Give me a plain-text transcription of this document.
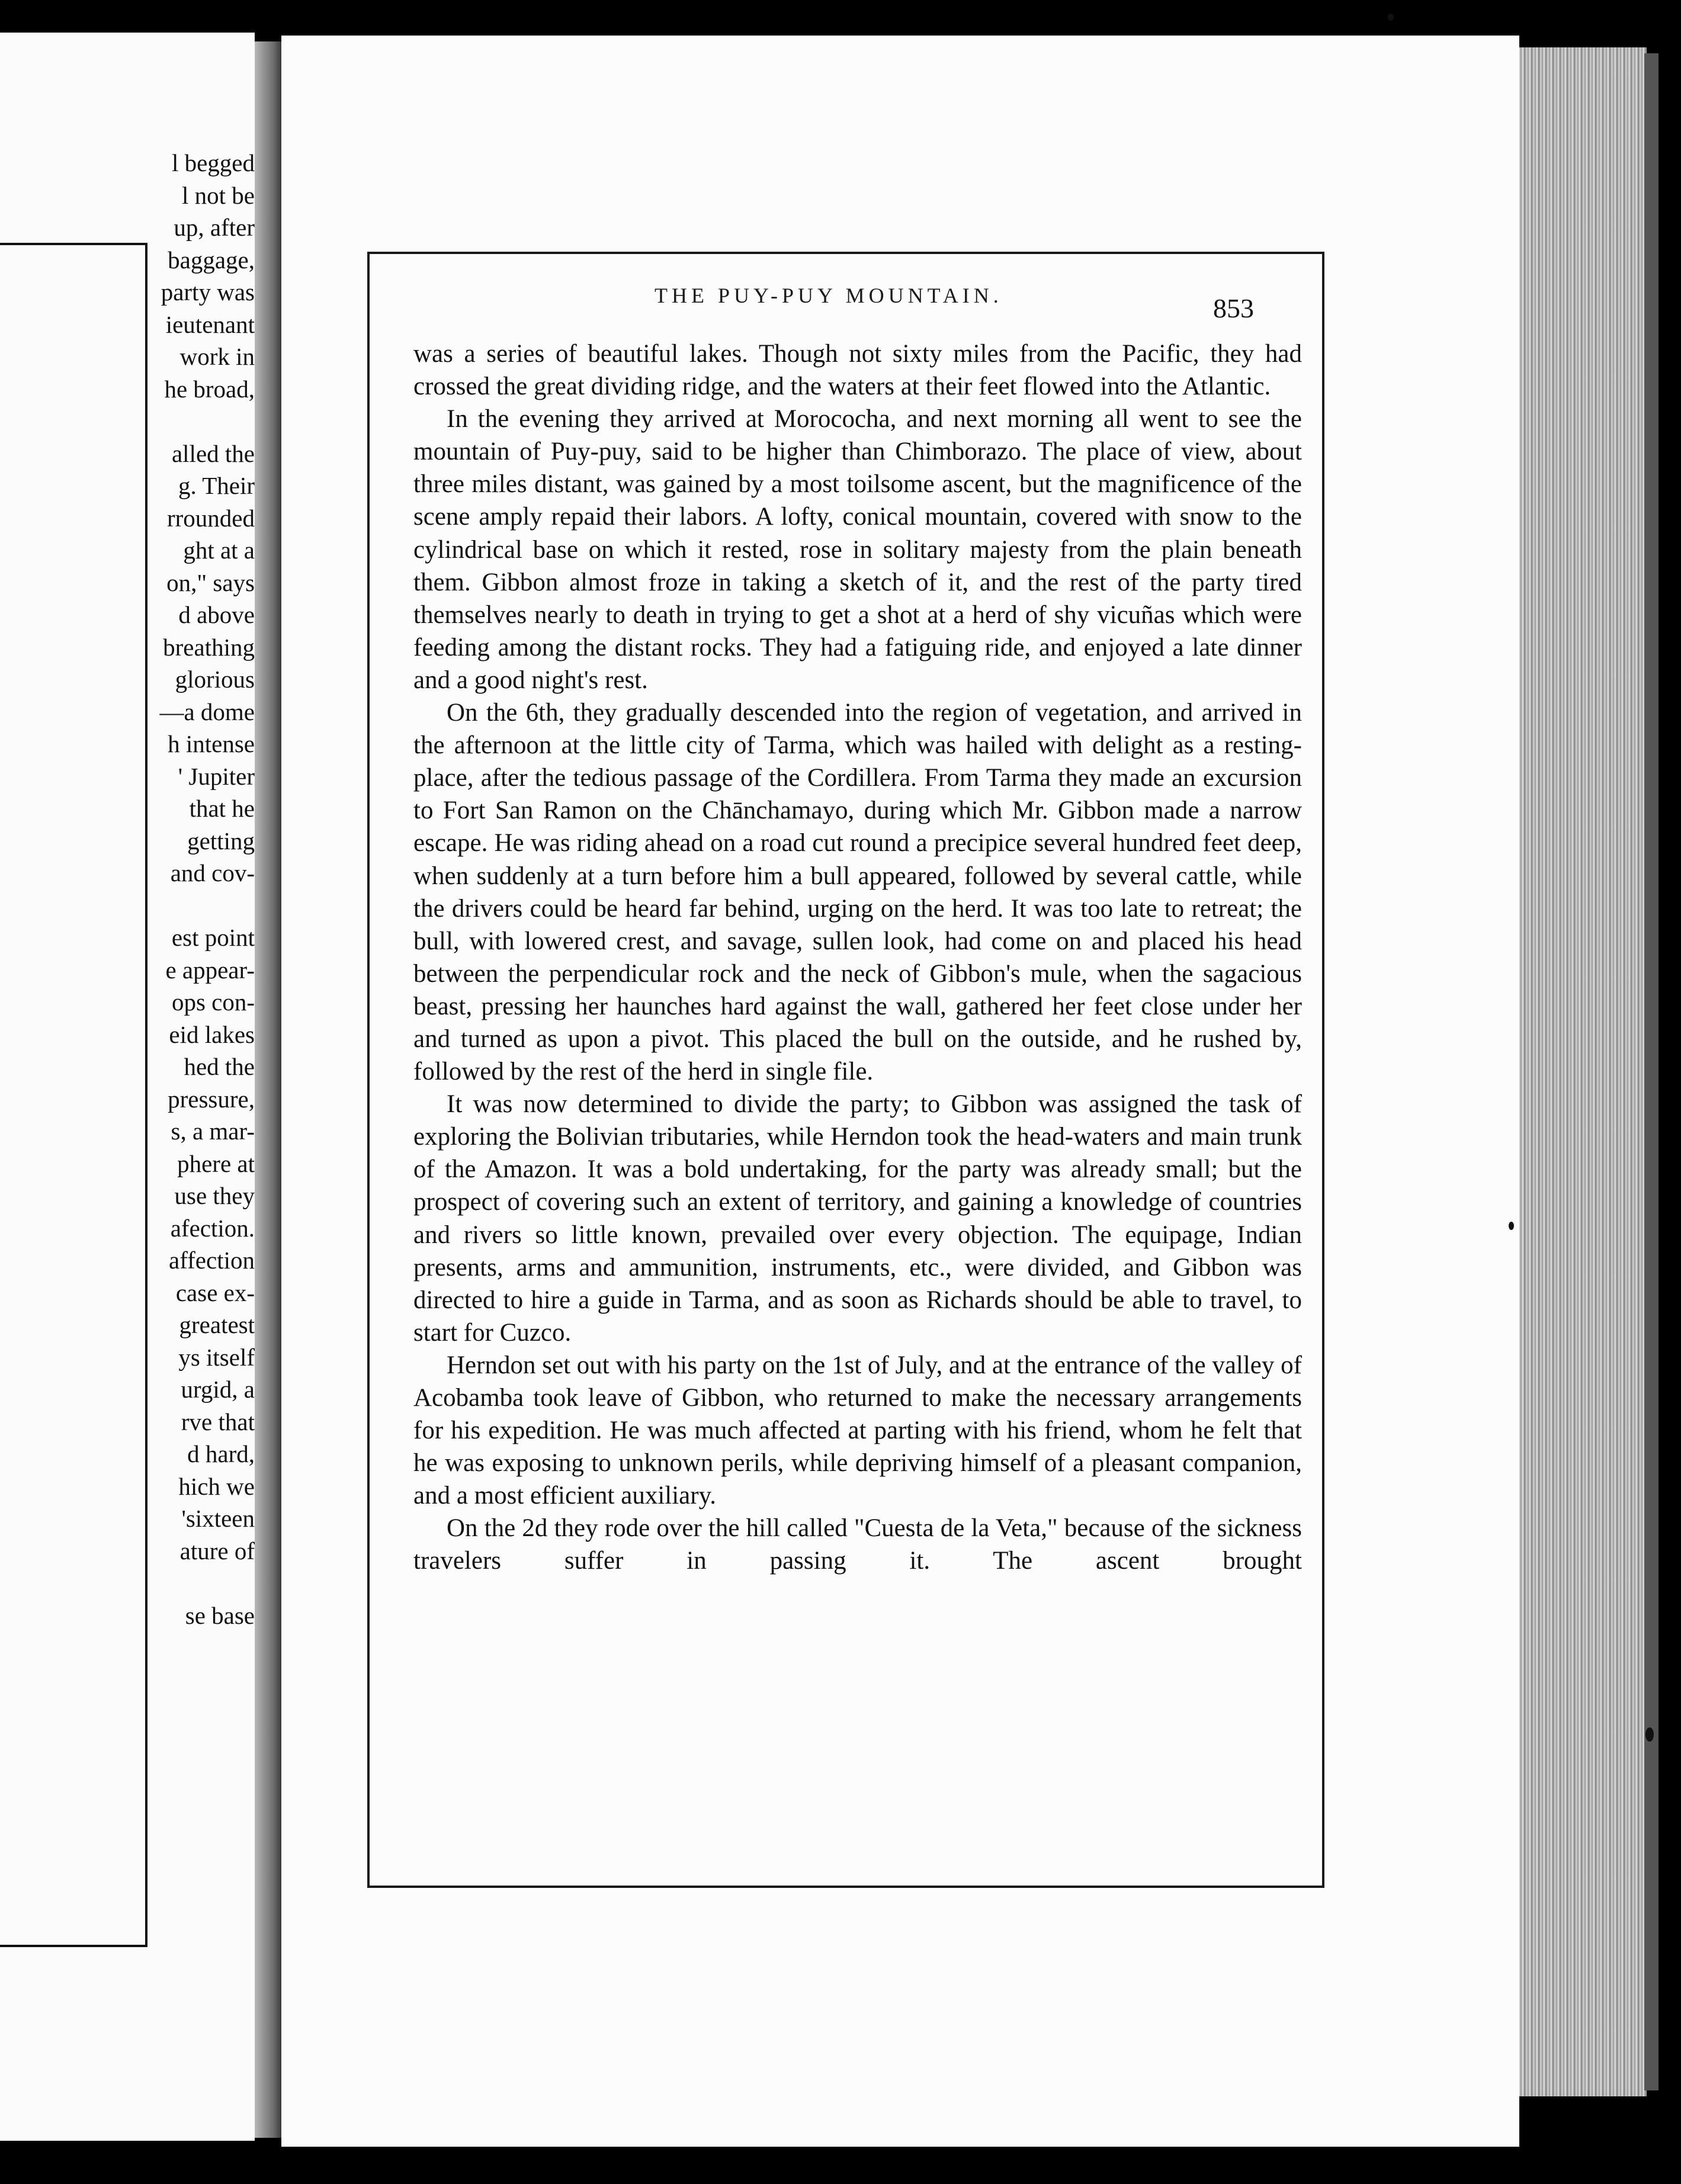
l begged
l not be
up, after
baggage,
party was
ieutenant
work in
he broad,
alled the
g. Their
rrounded
ght at a
on," says
d above
breathing
glorious
—a dome
h intense
' Jupiter
that he
getting
and cov-
est point
e appear-
ops con-
eid lakes
hed the
pressure,
s, a mar-
phere at
use they
afection.
affection
case ex-
greatest
ys itself
urgid, a
rve that
d hard,
hich we
'sixteen
ature of
se base
THE PUY-PUY MOUNTAIN.	853

was a series of beautiful lakes. Though not sixty miles from the Pacific, they had crossed the great dividing ridge, and the waters at their feet flowed into the Atlantic.

In the evening they arrived at Morococha, and next morning all went to see the mountain of Puy-puy, said to be higher than Chimborazo. The place of view, about three miles distant, was gained by a most toilsome ascent, but the magnificence of the scene amply repaid their labors. A lofty, conical mountain, covered with snow to the cylindrical base on which it rested, rose in solitary majesty from the plain beneath them. Gibbon almost froze in taking a sketch of it, and the rest of the party tired themselves nearly to death in trying to get a shot at a herd of shy vicuñas which were feeding among the distant rocks. They had a fatiguing ride, and enjoyed a late dinner and a good night's rest.

On the 6th, they gradually descended into the region of vegetation, and arrived in the afternoon at the little city of Tarma, which was hailed with delight as a resting-place, after the tedious passage of the Cordillera. From Tarma they made an excursion to Fort San Ramon on the Chānchamayo, during which Mr. Gibbon made a narrow escape. He was riding ahead on a road cut round a precipice several hundred feet deep, when suddenly at a turn before him a bull appeared, followed by several cattle, while the drivers could be heard far behind, urging on the herd. It was too late to retreat; the bull, with lowered crest, and savage, sullen look, had come on and placed his head between the perpendicular rock and the neck of Gibbon's mule, when the sagacious beast, pressing her haunches hard against the wall, gathered her feet close under her and turned as upon a pivot. This placed the bull on the outside, and he rushed by, followed by the rest of the herd in single file.

It was now determined to divide the party; to Gibbon was assigned the task of exploring the Bolivian tributaries, while Herndon took the head-waters and main trunk of the Amazon. It was a bold undertaking, for the party was already small; but the prospect of covering such an extent of territory, and gaining a knowledge of countries and rivers so little known, prevailed over every objection. The equipage, Indian presents, arms and ammunition, instruments, etc., were divided, and Gibbon was directed to hire a guide in Tarma, and as soon as Richards should be able to travel, to start for Cuzco.

Herndon set out with his party on the 1st of July, and at the entrance of the valley of Acobamba took leave of Gibbon, who returned to make the necessary arrangements for his expedition. He was much affected at parting with his friend, whom he felt that he was exposing to unknown perils, while depriving himself of a pleasant companion, and a most efficient auxiliary.

On the 2d they rode over the hill called "Cuesta de la Veta," because of the sickness travelers suffer in passing it. The ascent brought
